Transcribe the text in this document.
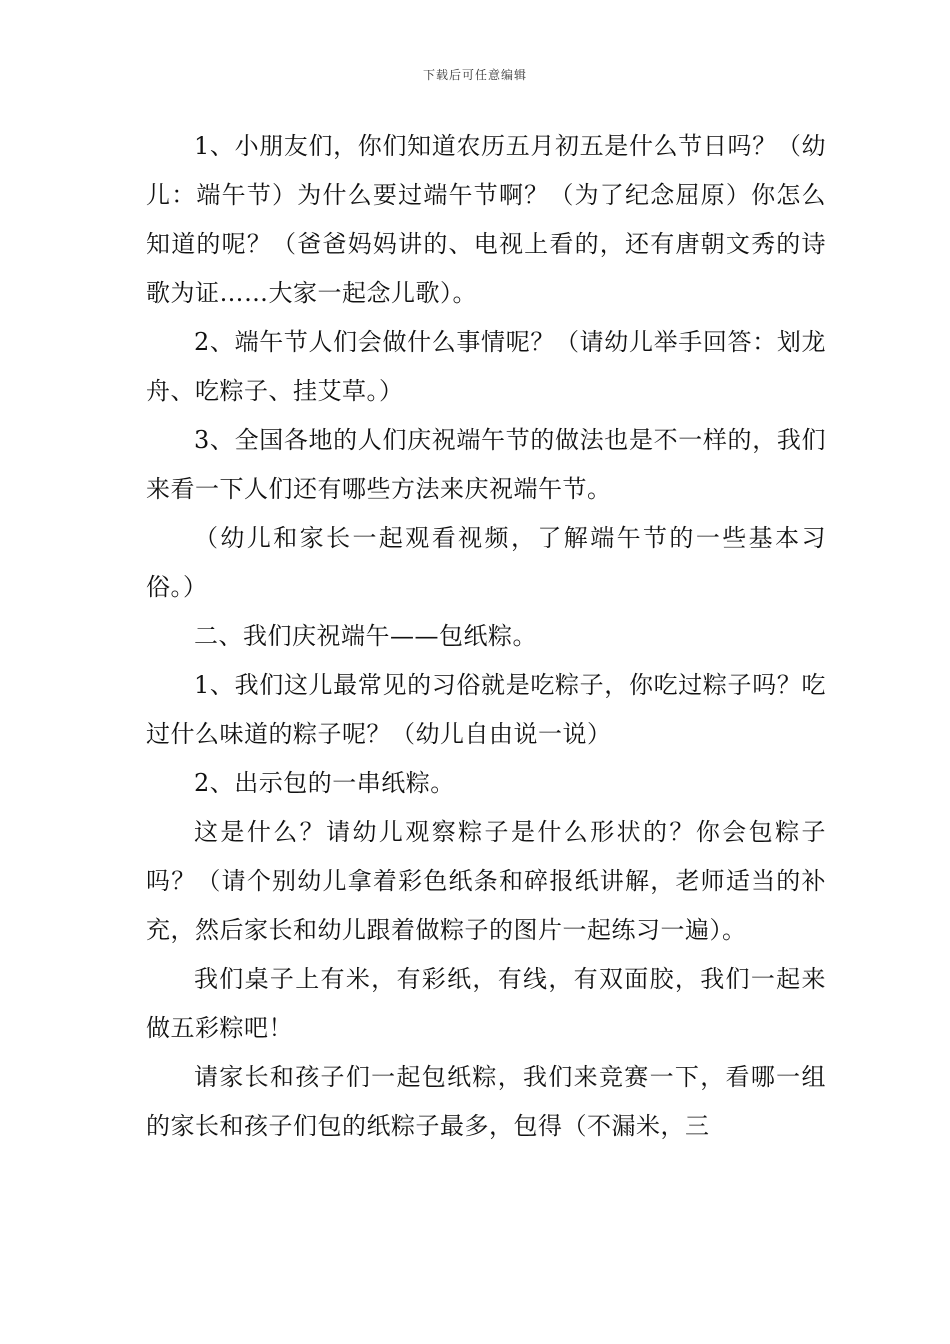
下载后可任意编辑

1、小朋友们，你们知道农历五月初五是什么节日吗？（幼儿：端午节）为什么要过端午节啊？（为了纪念屈原）你怎么知道的呢？（爸爸妈妈讲的、电视上看的，还有唐朝文秀的诗歌为证……大家一起念儿歌）。

2、端午节人们会做什么事情呢？（请幼儿举手回答：划龙舟、吃粽子、挂艾草。）

3、全国各地的人们庆祝端午节的做法也是不一样的，我们来看一下人们还有哪些方法来庆祝端午节。

（幼儿和家长一起观看视频，了解端午节的一些基本习俗。）

二、我们庆祝端午——包纸粽。

1、我们这儿最常见的习俗就是吃粽子，你吃过粽子吗？吃过什么味道的粽子呢？（幼儿自由说一说）

2、出示包的一串纸粽。

这是什么？请幼儿观察粽子是什么形状的？你会包粽子吗？（请个别幼儿拿着彩色纸条和碎报纸讲解，老师适当的补充，然后家长和幼儿跟着做粽子的图片一起练习一遍）。

我们桌子上有米，有彩纸，有线，有双面胶，我们一起来做五彩粽吧！

请家长和孩子们一起包纸粽，我们来竞赛一下，看哪一组的家长和孩子们包的纸粽子最多，包得（不漏米，三
